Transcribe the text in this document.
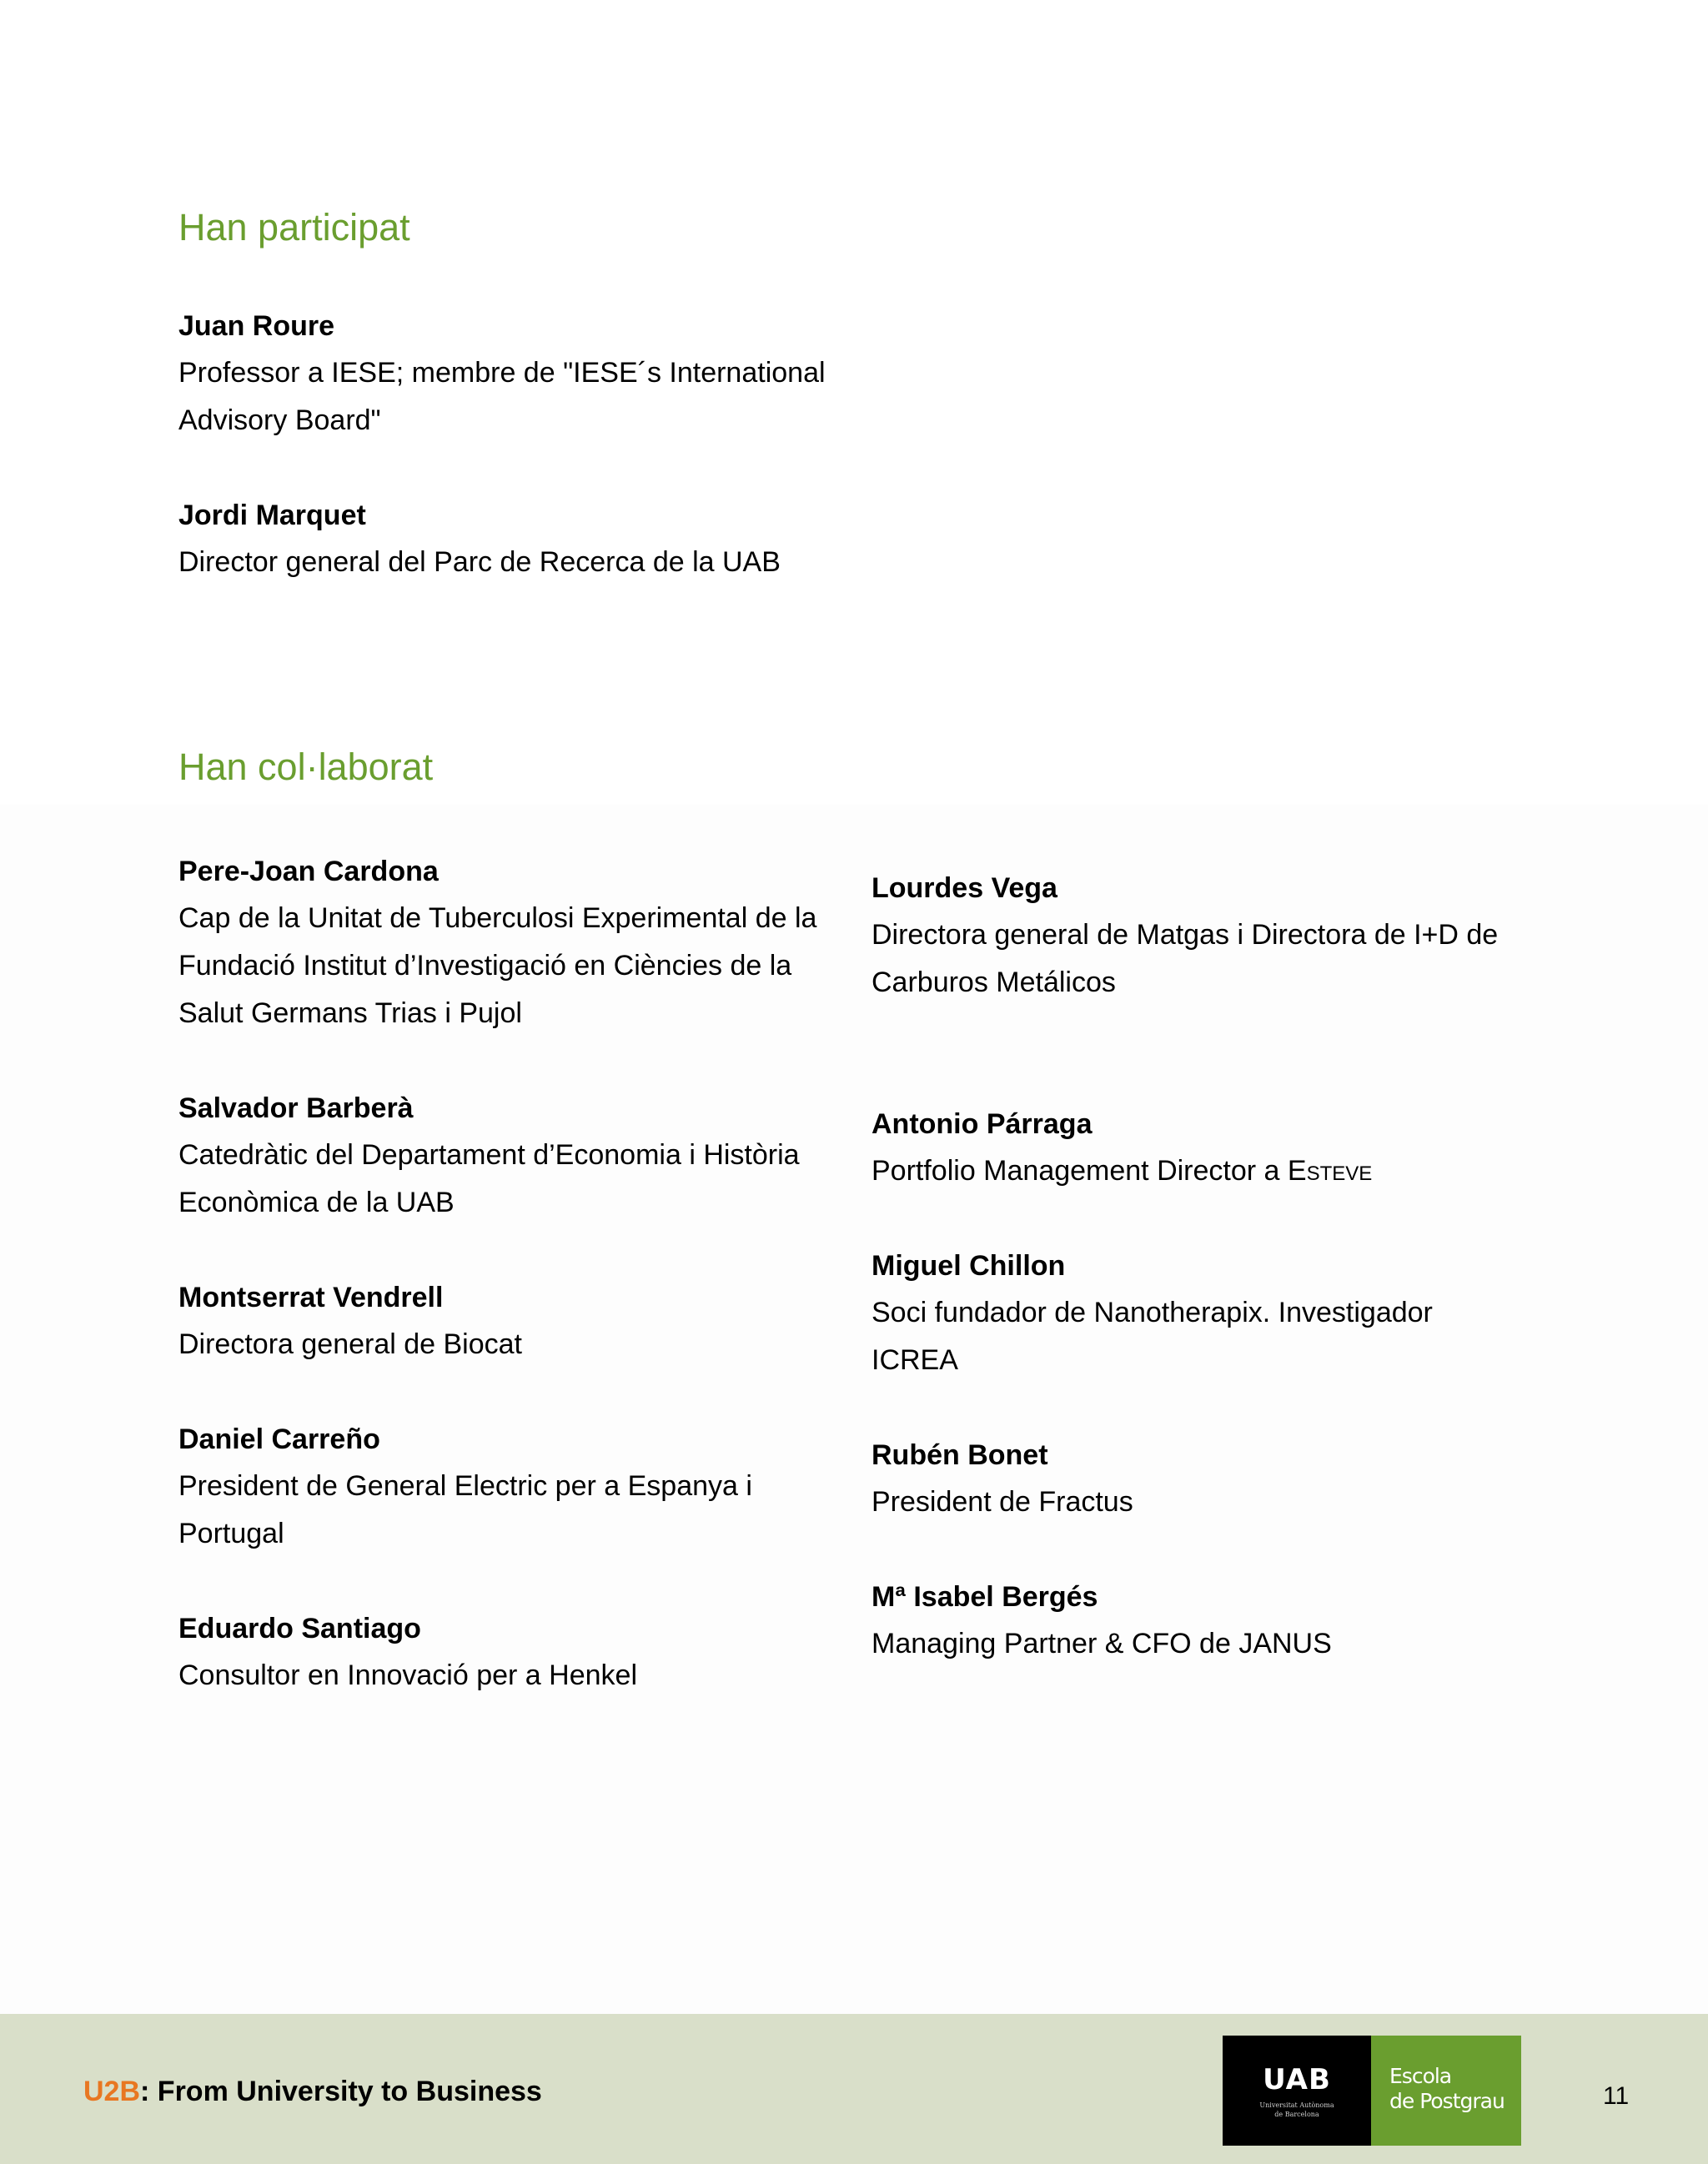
Han participat
Juan Roure
Professor a IESE; membre de "IESE´s International Advisory Board"
Jordi Marquet
Director general del Parc de Recerca de la UAB
Han col·laborat
Pere-Joan Cardona
Cap de la Unitat de Tuberculosi Experimental de la Fundació Institut d’Investigació en Ciències de la Salut Germans Trias i Pujol
Salvador Barberà
Catedràtic del Departament d’Economia i Història Econòmica de la UAB
Montserrat Vendrell
Directora general de Biocat
Daniel Carreño
President de General Electric per a Espanya i Portugal
Eduardo Santiago
Consultor en Innovació per a Henkel
Lourdes Vega
Directora general de Matgas i Directora de I+D de Carburos Metálicos
Antonio Párraga
Portfolio Management Director a Esteve
Miguel Chillon
Soci fundador de Nanotherapix. Investigador ICREA
Rubén Bonet
President de Fractus
Mª Isabel Bergés
Managing Partner & CFO de JANUS
U2B: From University to Business	UAB
Universitat Autònoma
de Barcelona
Escola
de Postgrau	11
